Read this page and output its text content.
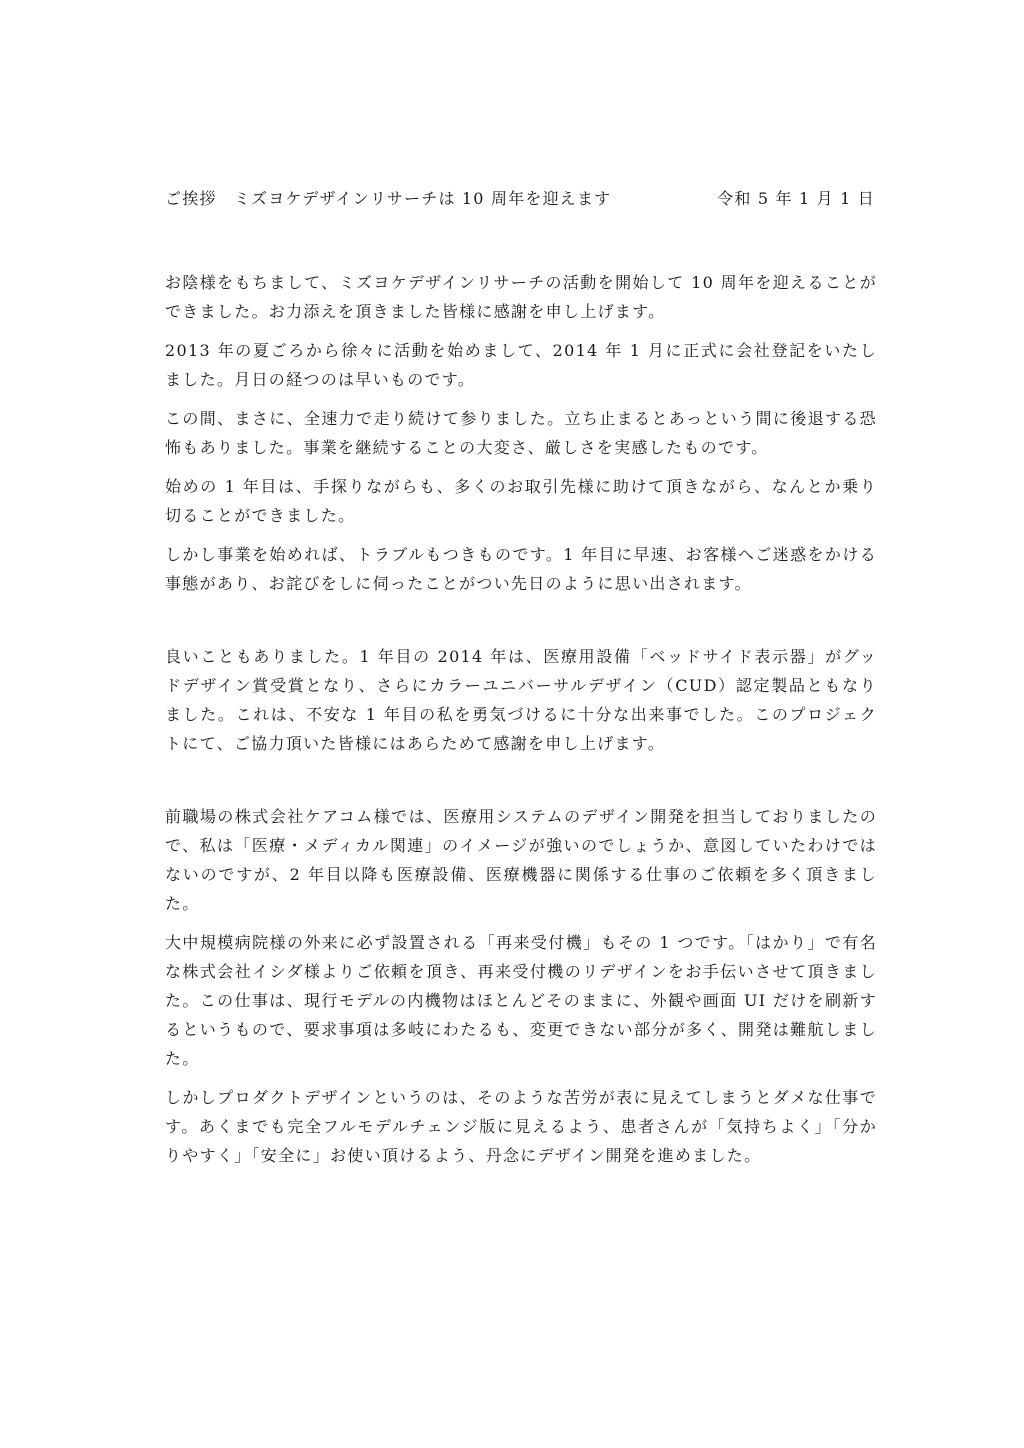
ご挨拶　ミズヨケデザインリサーチは 10 周年を迎えます	令和 5 年 1 月 1 日

お陰様をもちまして、ミズヨケデザインリサーチの活動を開始して 10 周年を迎えることができました。お力添えを頂きました皆様に感謝を申し上げます。

2013 年の夏ごろから徐々に活動を始めまして、2014 年 1 月に正式に会社登記をいたしました。月日の経つのは早いものです。

この間、まさに、全速力で走り続けて参りました。立ち止まるとあっという間に後退する恐怖もありました。事業を継続することの大変さ、厳しさを実感したものです。

始めの 1 年目は、手探りながらも、多くのお取引先様に助けて頂きながら、なんとか乗り切ることができました。

しかし事業を始めれば、トラブルもつきものです。1 年目に早速、お客様へご迷惑をかける事態があり、お詫びをしに伺ったことがつい先日のように思い出されます。

良いこともありました。1 年目の 2014 年は、医療用設備「ベッドサイド表示器」がグッドデザイン賞受賞となり、さらにカラーユニバーサルデザイン（CUD）認定製品ともなりました。これは、不安な 1 年目の私を勇気づけるに十分な出来事でした。このプロジェクトにて、ご協力頂いた皆様にはあらためて感謝を申し上げます。

前職場の株式会社ケアコム様では、医療用システムのデザイン開発を担当しておりましたので、私は「医療・メディカル関連」のイメージが強いのでしょうか、意図していたわけではないのですが、2 年目以降も医療設備、医療機器に関係する仕事のご依頼を多く頂きました。

大中規模病院様の外来に必ず設置される「再来受付機」もその 1 つです。「はかり」で有名な株式会社イシダ様よりご依頼を頂き、再来受付機のリデザインをお手伝いさせて頂きました。この仕事は、現行モデルの内機物はほとんどそのままに、外観や画面 UI だけを刷新するというもので、要求事項は多岐にわたるも、変更できない部分が多く、開発は難航しました。

しかしプロダクトデザインというのは、そのような苦労が表に見えてしまうとダメな仕事です。あくまでも完全フルモデルチェンジ版に見えるよう、患者さんが「気持ちよく」「分かりやすく」「安全に」お使い頂けるよう、丹念にデザイン開発を進めました。
